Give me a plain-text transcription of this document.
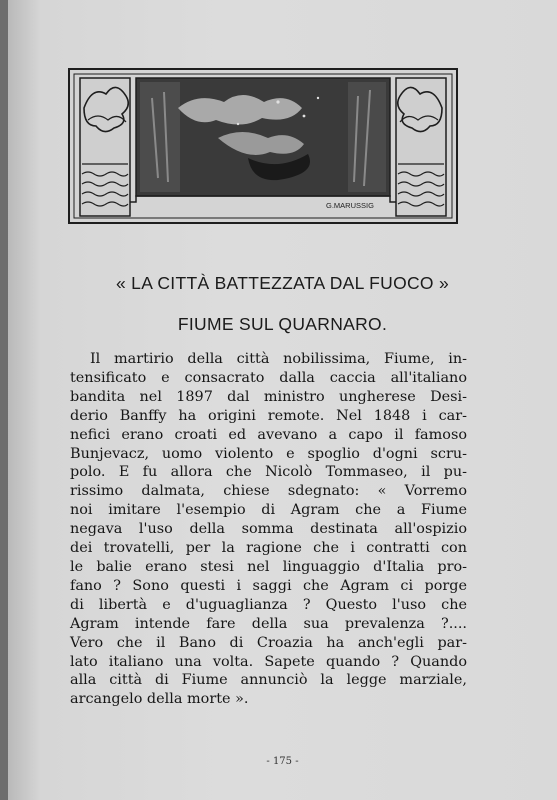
G.MARUSSIG
« LA CITTÀ BATTEZZATA DAL FUOCO »
FIUME SUL QUARNARO.
Il martirio della città nobilissima, Fiume, in-
tensificato e consacrato dalla caccia all'italiano
bandita nel 1897 dal ministro ungherese Desi-
derio Banffy ha origini remote. Nel 1848 i car-
nefici erano croati ed avevano a capo il famoso
Bunjevacz, uomo violento e spoglio d'ogni scru-
polo. E fu allora che Nicolò Tommaseo, il pu-
rissimo dalmata, chiese sdegnato: « Vorremo
noi imitare l'esempio di Agram che a Fiume
negava l'uso della somma destinata all'ospizio
dei trovatelli, per la ragione che i contratti con
le balie erano stesi nel linguaggio d'Italia pro-
fano ? Sono questi i saggi che Agram ci porge
di libertà e d'uguaglianza ? Questo l'uso che
Agram intende fare della sua prevalenza ?....
Vero che il Bano di Croazia ha anch'egli par-
lato italiano una volta. Sapete quando ? Quando
alla città di Fiume annunciò la legge marziale,
arcangelo della morte ».
- 175 -
